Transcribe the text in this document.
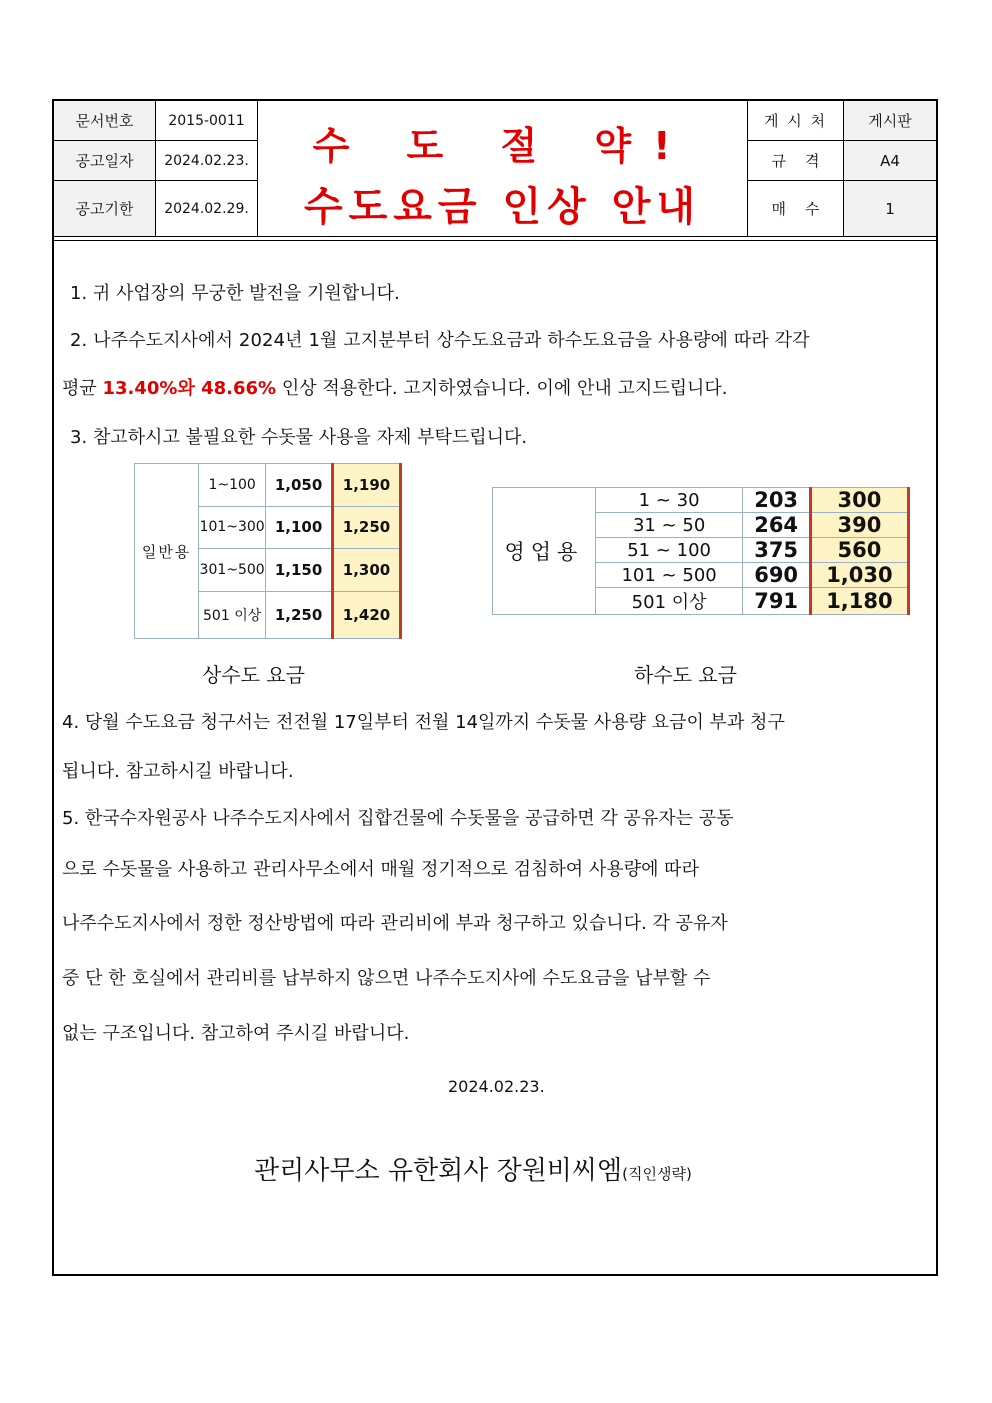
문서번호	2015-0011
공고일자	2024.02.23.
공고기한	2024.02.29.
수 도 절 약!
수도요금 인상 안내
게 시 처	게시판
규    격	A4
매    수	1
1. 귀 사업장의 무궁한 발전을 기원합니다.
2. 나주수도지사에서 2024년 1월 고지분부터 상수도요금과 하수도요금을 사용량에 따라 각각
평균 13.40%와 48.66% 인상 적용한다. 고지하였습니다. 이에 안내 고지드립니다.
3. 참고하시고 불필요한 수돗물 사용을 자제 부탁드립니다.
일반용	1~100	1,050	1,190
	101~300	1,100	1,250
	301~500	1,150	1,300
	501 이상	1,250	1,420
상수도 요금
영업용	1 ~ 30	203	300
	31 ~ 50	264	390
	51 ~ 100	375	560
	101 ~ 500	690	1,030
	501 이상	791	1,180
하수도 요금
4. 당월 수도요금 청구서는 전전월 17일부터 전월 14일까지 수돗물 사용량 요금이 부과 청구
됩니다. 참고하시길 바랍니다.
5. 한국수자원공사 나주수도지사에서 집합건물에 수돗물을 공급하면 각 공유자는 공동
으로 수돗물을 사용하고 관리사무소에서 매월 정기적으로 검침하여 사용량에 따라
나주수도지사에서 정한 정산방법에 따라 관리비에 부과 청구하고 있습니다. 각 공유자
중 단 한 호실에서 관리비를 납부하지 않으면 나주수도지사에 수도요금을 납부할 수
없는 구조입니다. 참고하여 주시길 바랍니다.
2024.02.23.
관리사무소 유한회사 장원비씨엠(직인생략)
